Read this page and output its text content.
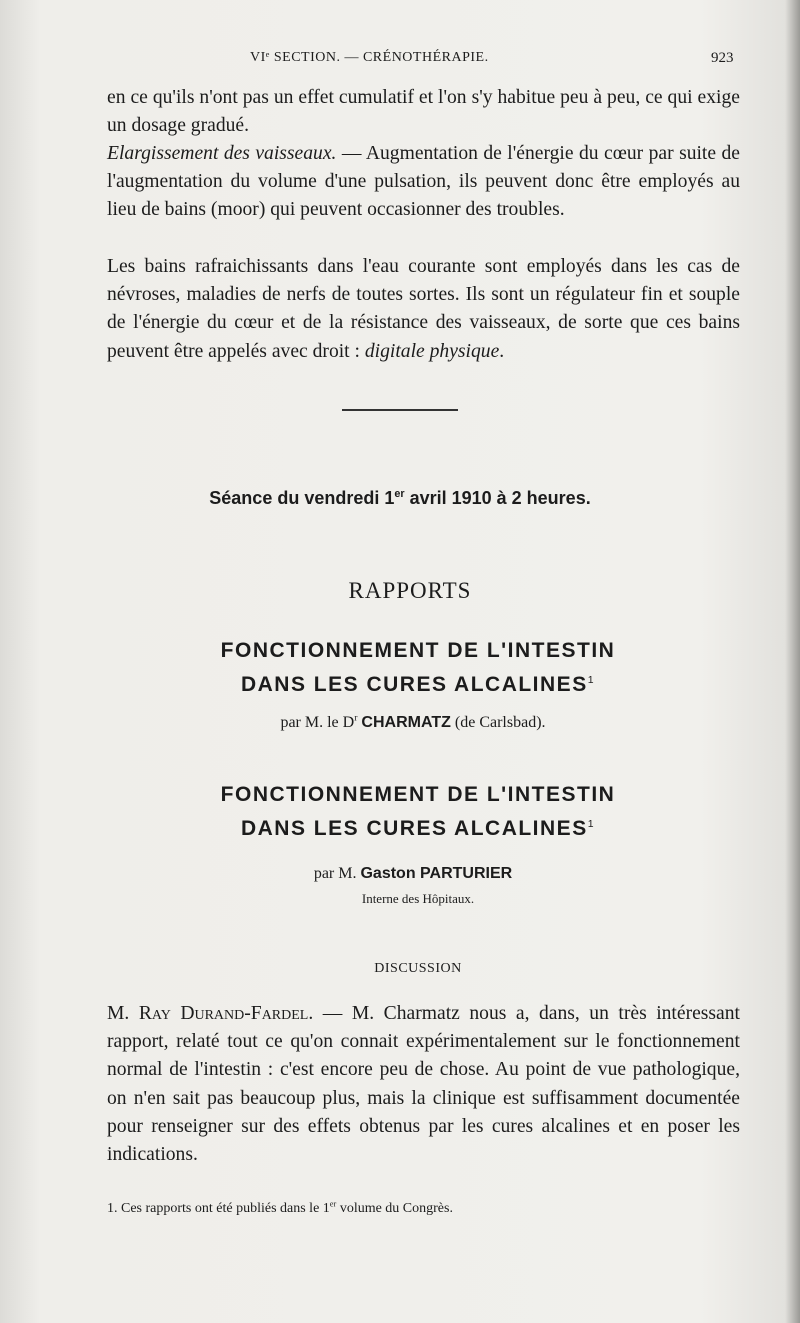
VIᵉ SECTION. — CRÉNOTHÉRAPIE.	923

en ce qu'ils n'ont pas un effet cumulatif et l'on s'y habitue peu à peu, ce qui exige un dosage gradué.

Elargissement des vaisseaux. — Augmentation de l'énergie du cœur par suite de l'augmentation du volume d'une pulsation, ils peuvent donc être employés au lieu de bains (moor) qui peuvent occasionner des troubles.

Les bains rafraichissants dans l'eau courante sont employés dans les cas de névroses, maladies de nerfs de toutes sortes. Ils sont un régulateur fin et souple de l'énergie du cœur et de la résistance des vaisseaux, de sorte que ces bains peuvent être appelés avec droit : digitale physique.

Séance du vendredi 1er avril 1910 à 2 heures.
RAPPORTS
FONCTIONNEMENT DE L'INTESTIN
DANS LES CURES ALCALINES$^1$
par M. le $D^r$ CHARMATZ (de Carlsbad).
FONCTIONNEMENT DE L'INTESTIN
DANS LES CURES ALCALINES$^1$
par M. Gaston PARTURIER
Interne des Hôpitaux.
DISCUSSION

M. Ray Durand-Fardel. — M. Charmatz nous a, dans, un très intéressant rapport, relaté tout ce qu'on connait expérimentalement sur le fonctionnement normal de l'intestin : c'est encore peu de chose. Au point de vue pathologique, on n'en sait pas beaucoup plus, mais la clinique est suffisamment documentée pour renseigner sur des effets obtenus par les cures alcalines et en poser les indications.

1. Ces rapports ont été publiés dans le 1er volume du Congrès.
